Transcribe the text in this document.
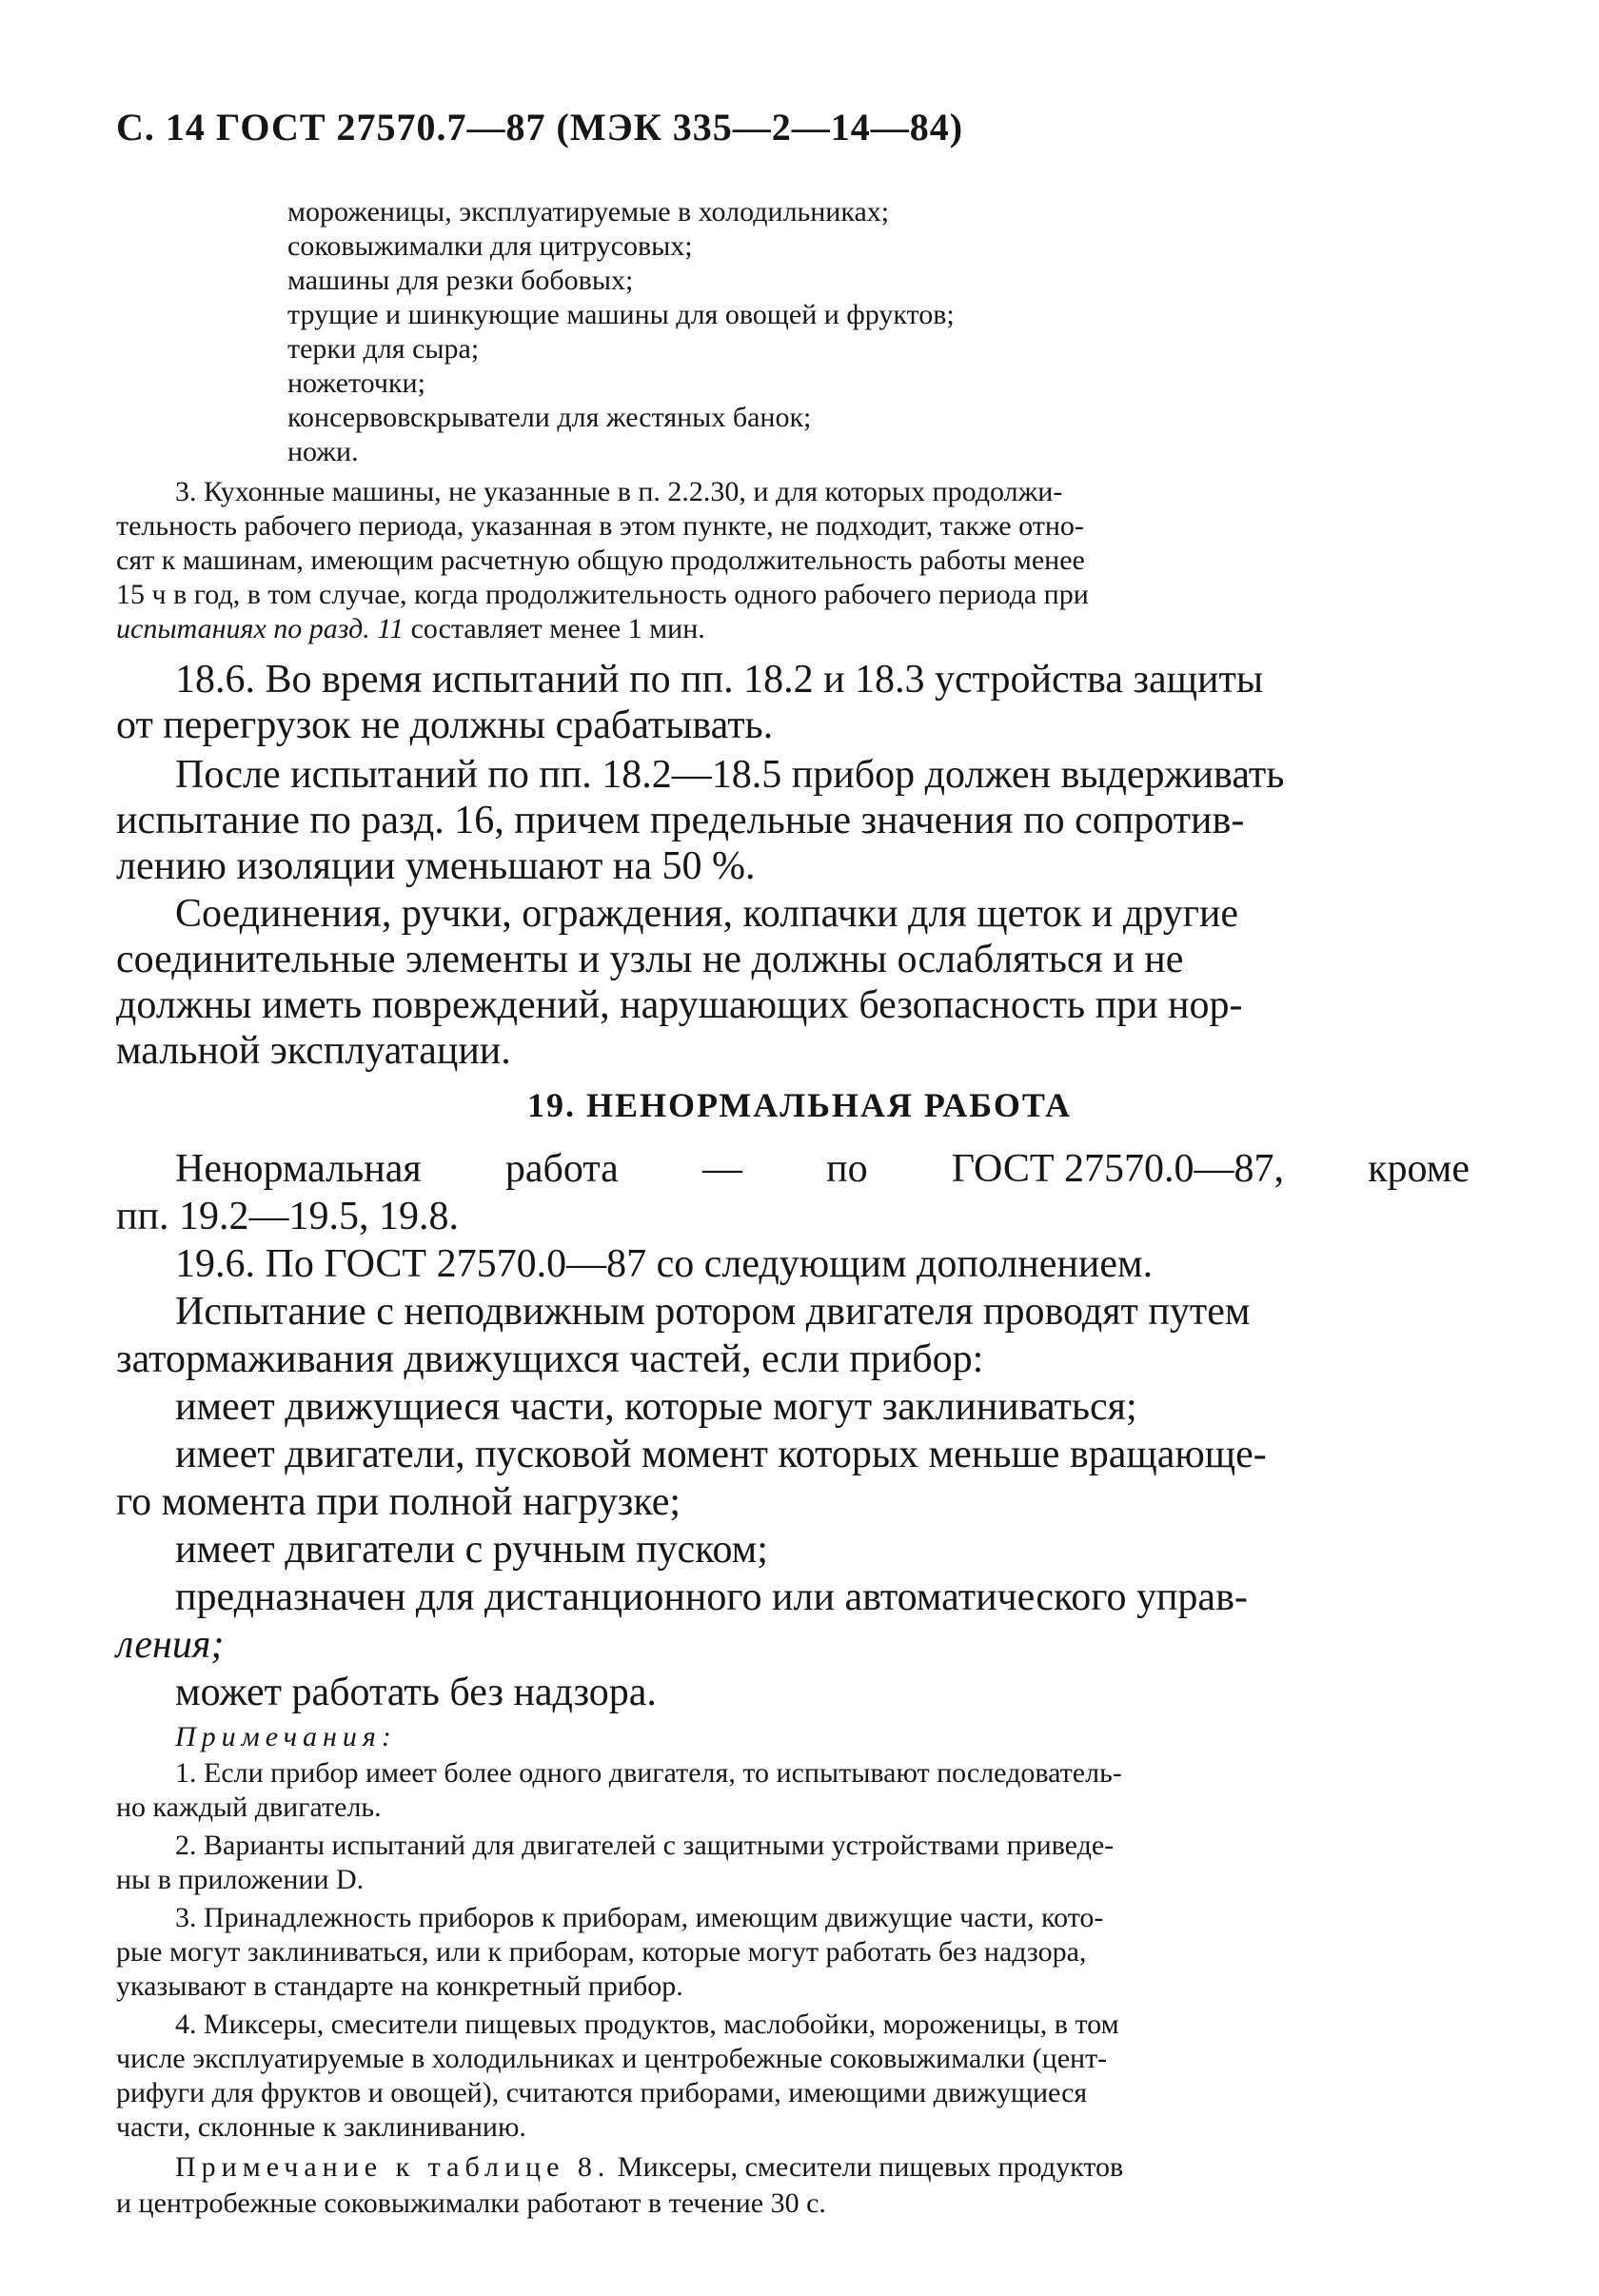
С. 14 ГОСТ 27570.7—87 (МЭК 335—2—14—84)
мороженицы, эксплуатируемые в холодильниках;
соковыжималки для цитрусовых;
машины для резки бобовых;
трущие и шинкующие машины для овощей и фруктов;
терки для сыра;
ножеточки;
консервовскрыватели для жестяных банок;
ножи.
3. Кухонные машины, не указанные в п. 2.2.30, и для которых продолжи-
тельность рабочего периода, указанная в этом пункте, не подходит, также отно-
сят к машинам, имеющим расчетную общую продолжительность работы менее
15 ч в год, в том случае, когда продолжительность одного рабочего периода при
испытаниях по разд. 11 составляет менее 1 мин.
18.6. Во время испытаний по пп. 18.2 и 18.3 устройства защиты
от перегрузок не должны срабатывать.
После испытаний по пп. 18.2—18.5 прибор должен выдерживать
испытание по разд. 16, причем предельные значения по сопротив-
лению изоляции уменьшают на 50 %.
Соединения, ручки, ограждения, колпачки для щеток и другие
соединительные элементы и узлы не должны ослабляться и не
должны иметь повреждений, нарушающих безопасность при нор-
мальной эксплуатации.
19. НЕНОРМАЛЬНАЯ РАБОТА
Ненормальная работа — по ГОСТ 27570.0—87, кроме
пп. 19.2—19.5, 19.8.
19.6. По ГОСТ 27570.0—87 со следующим дополнением.
Испытание с неподвижным ротором двигателя проводят путем
затормаживания движущихся частей, если прибор:
имеет движущиеся части, которые могут заклиниваться;
имеет двигатели, пусковой момент которых меньше вращающе-
го момента при полной нагрузке;
имеет двигатели с ручным пуском;
предназначен для дистанционного или автоматического управ-
ления;
может работать без надзора.
Примечания:
1. Если прибор имеет более одного двигателя, то испытывают последователь-
но каждый двигатель.
2. Варианты испытаний для двигателей с защитными устройствами приведе-
ны в приложении D.
3. Принадлежность приборов к приборам, имеющим движущие части, кото-
рые могут заклиниваться, или к приборам, которые могут работать без надзора,
указывают в стандарте на конкретный прибор.
4. Миксеры, смесители пищевых продуктов, маслобойки, мороженицы, в том
числе эксплуатируемые в холодильниках и центробежные соковыжималки (цент-
рифуги для фруктов и овощей), считаются приборами, имеющими движущиеся
части, склонные к заклиниванию.
Примечание к таблице 8. Миксеры, смесители пищевых продуктов
и центробежные соковыжималки работают в течение 30 с.
